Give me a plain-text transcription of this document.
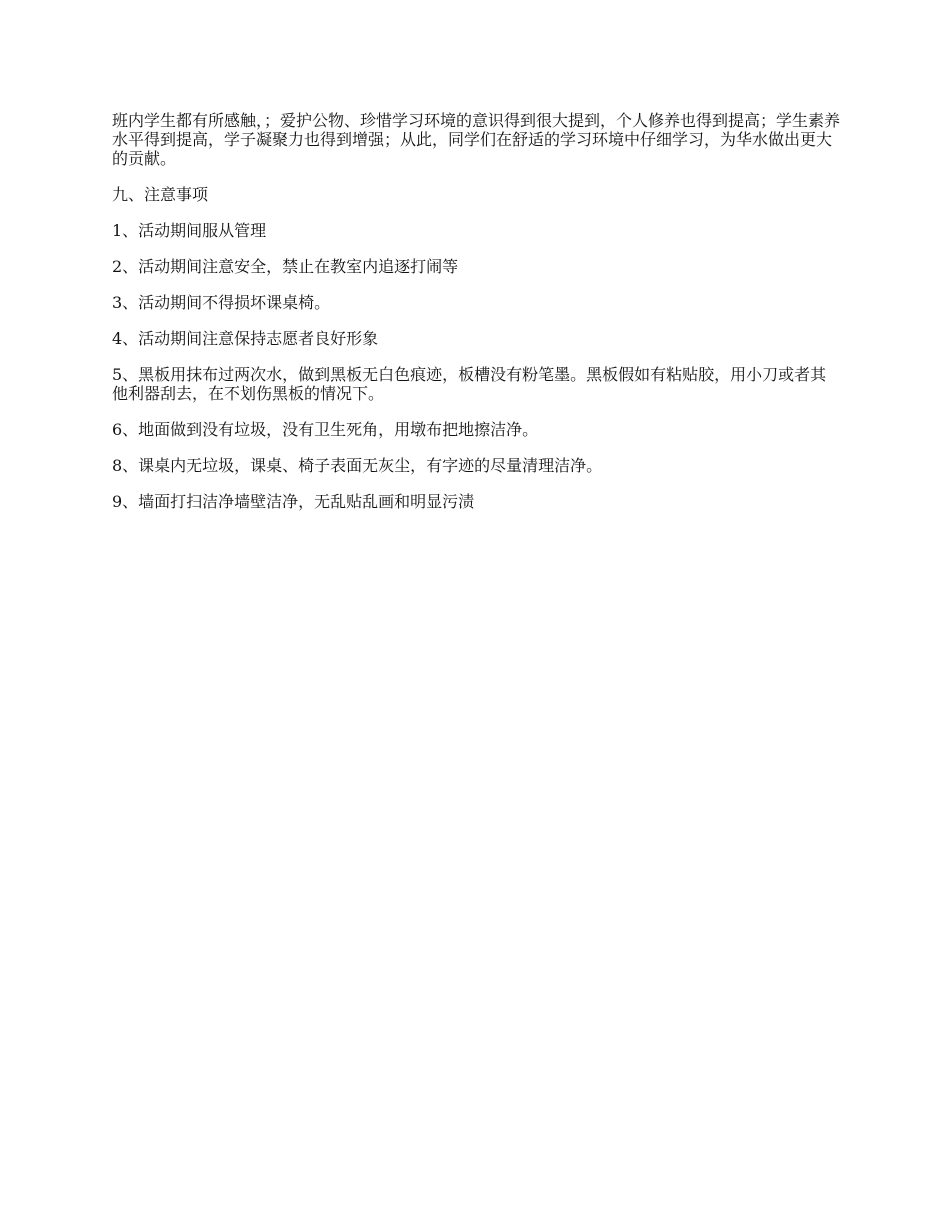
班内学生都有所感触，；爱护公物、珍惜学习环境的意识得到很大提到，个人修养也得到提高；学生素养水平得到提高，学子凝聚力也得到增强；从此，同学们在舒适的学习环境中仔细学习，为华水做出更大的贡献。

九、注意事项

1、活动期间服从管理

2、活动期间注意安全，禁止在教室内追逐打闹等

3、活动期间不得损坏课桌椅。

4、活动期间注意保持志愿者良好形象

5、黑板用抹布过两次水，做到黑板无白色痕迹，板槽没有粉笔墨。黑板假如有粘贴胶，用小刀或者其他利器刮去，在不划伤黑板的情况下。

6、地面做到没有垃圾，没有卫生死角，用墩布把地擦洁净。

8、课桌内无垃圾，课桌、椅子表面无灰尘，有字迹的尽量清理洁净。

9、墙面打扫洁净墙壁洁净，无乱贴乱画和明显污渍
